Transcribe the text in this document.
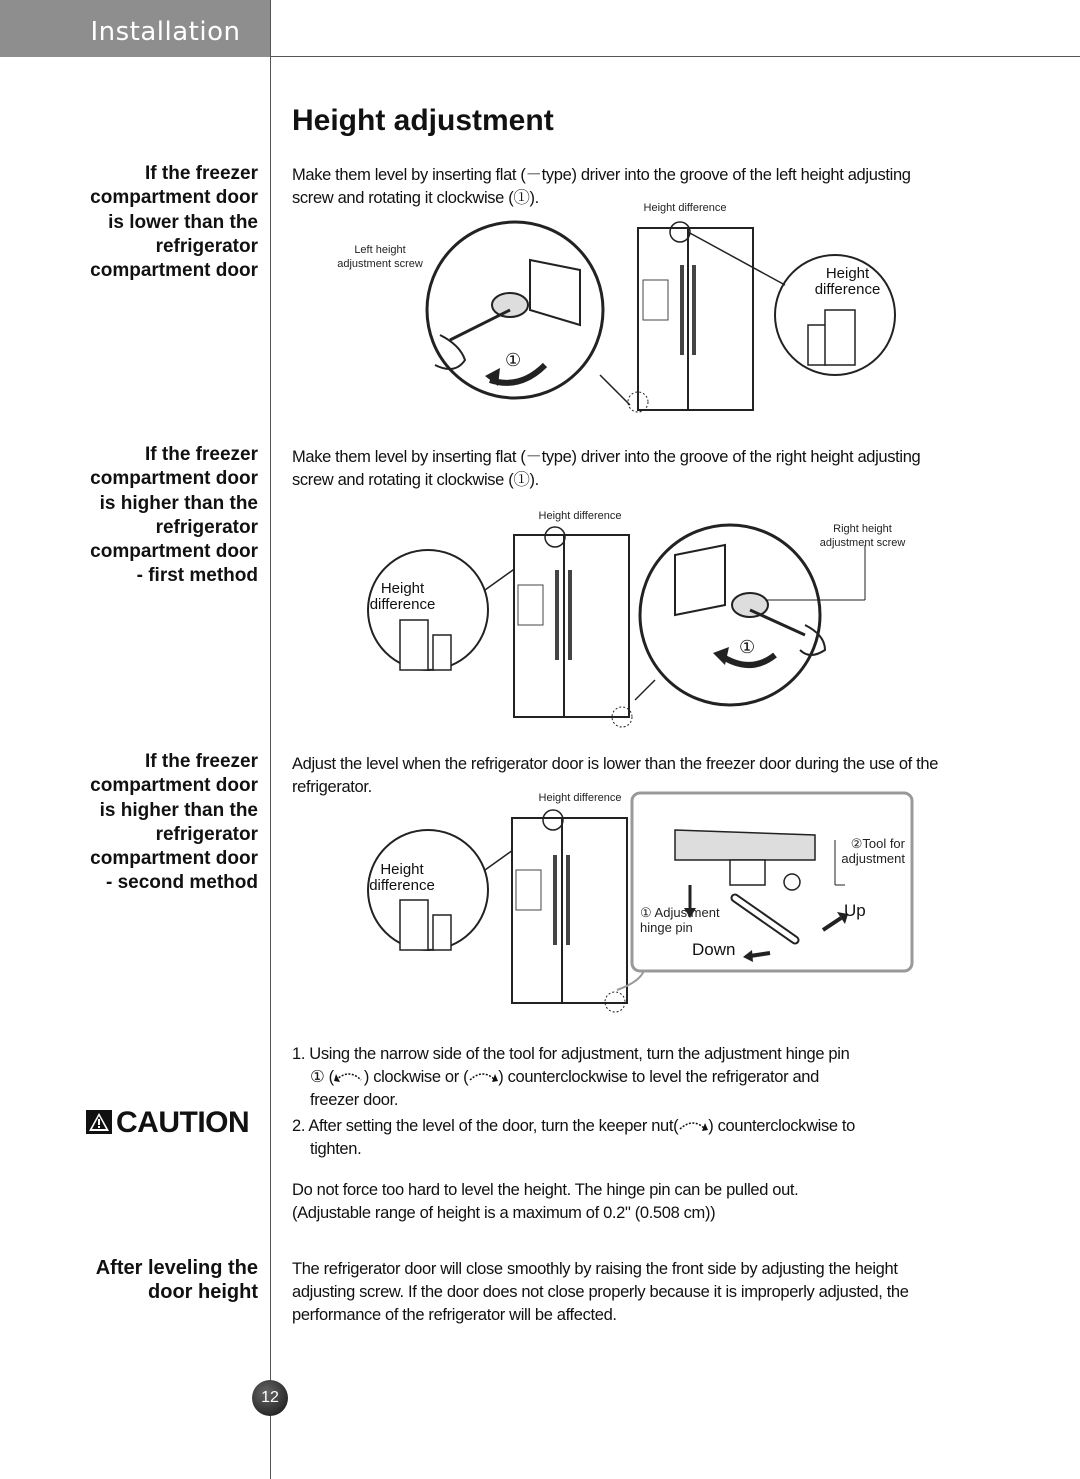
Installation
Height adjustment
If the freezer
compartment door
is lower than the
refrigerator
compartment door
Make them level by inserting flat (－type) driver into the groove of the left height adjusting screw and rotating it clockwise (①).
Height difference
Left height
adjustment screw
Height
difference
①
If the freezer
compartment door
is higher than the
refrigerator
compartment door
- first method
Make them level by inserting flat (－type) driver into the groove of the right height adjusting screw and rotating it clockwise (①).
Height difference
Right height
adjustment screw
Height
difference
①
If the freezer
compartment door
is higher than the
refrigerator
compartment door
- second method
Adjust the level when the refrigerator door is lower than the freezer door during the use of the refrigerator.
Height difference
Height
difference
②Tool for
adjustment
① Adjustment
hinge pin
Up
Down
1. Using the narrow side of the tool for adjustment, turn the adjustment hinge pin
① ( ) clockwise or ( ) counterclockwise to level the refrigerator and
freezer door.
2. After setting the level of the door, turn the keeper nut( ) counterclockwise to
tighten.
CAUTION
Do not force too hard to level the height. The hinge pin can be pulled out.
(Adjustable range of height is a maximum of 0.2" (0.508 cm))
After leveling the
door height
The refrigerator door will close smoothly by raising the front side by adjusting the height adjusting screw. If the door does not close properly because it is improperly adjusted, the performance of the refrigerator will be affected.
12
